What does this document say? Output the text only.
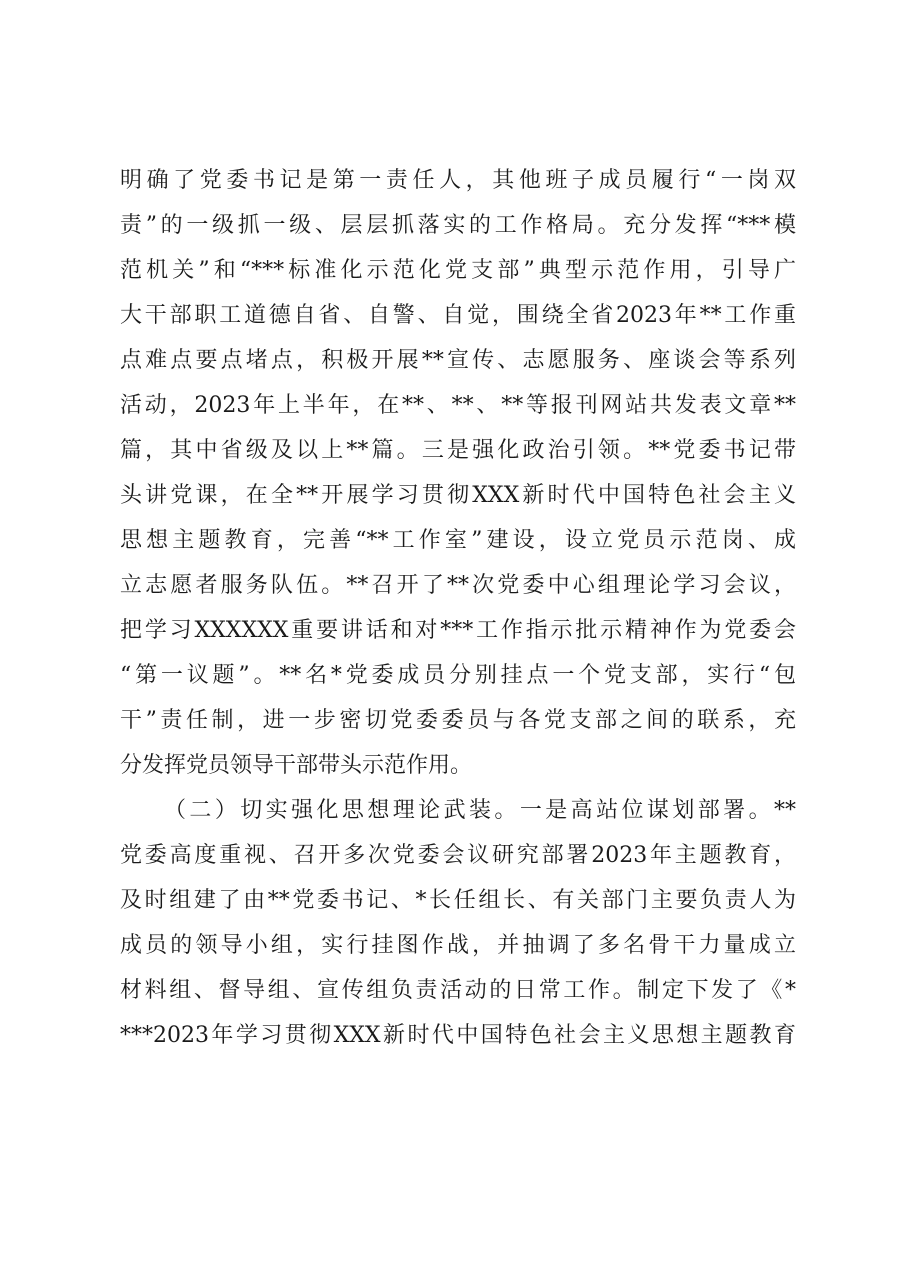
明确了党委书记是第一责任人，其他班子成员履行“一岗双
责”的一级抓一级、层层抓落实的工作格局。充分发挥“***模
范机关”和“***标准化示范化党支部”典型示范作用，引导广
大干部职工道德自省、自警、自觉，围绕全省2023年**工作重
点难点要点堵点，积极开展**宣传、志愿服务、座谈会等系列
活动，2023年上半年，在**、**、**等报刊网站共发表文章**
篇，其中省级及以上**篇。三是强化政治引领。**党委书记带
头讲党课，在全**开展学习贯彻XXX新时代中国特色社会主义
思想主题教育，完善“**工作室”建设，设立党员示范岗、成
立志愿者服务队伍。**召开了**次党委中心组理论学习会议，
把学习XXXXXX重要讲话和对***工作指示批示精神作为党委会
“第一议题”。**名*党委成员分别挂点一个党支部，实行“包
干”责任制，进一步密切党委委员与各党支部之间的联系，充
分发挥党员领导干部带头示范作用。
（二）切实强化思想理论武装。一是高站位谋划部署。**
党委高度重视、召开多次党委会议研究部署2023年主题教育，
及时组建了由**党委书记、*长任组长、有关部门主要负责人为
成员的领导小组，实行挂图作战，并抽调了多名骨干力量成立
材料组、督导组、宣传组负责活动的日常工作。制定下发了《*
***2023年学习贯彻XXX新时代中国特色社会主义思想主题教育
